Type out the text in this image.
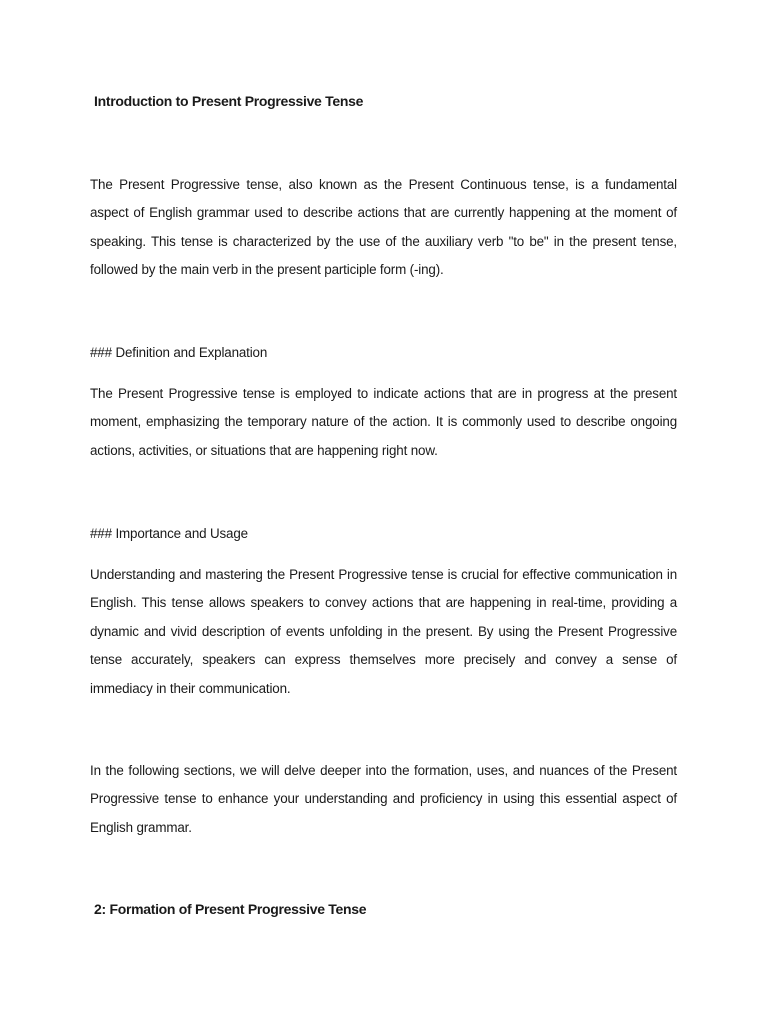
Introduction to Present Progressive Tense

The Present Progressive tense, also known as the Present Continuous tense, is a fundamental aspect of English grammar used to describe actions that are currently happening at the moment of speaking. This tense is characterized by the use of the auxiliary verb "to be" in the present tense, followed by the main verb in the present participle form (-ing).

### Definition and Explanation

The Present Progressive tense is employed to indicate actions that are in progress at the present moment, emphasizing the temporary nature of the action. It is commonly used to describe ongoing actions, activities, or situations that are happening right now.

### Importance and Usage

Understanding and mastering the Present Progressive tense is crucial for effective communication in English. This tense allows speakers to convey actions that are happening in real-time, providing a dynamic and vivid description of events unfolding in the present. By using the Present Progressive tense accurately, speakers can express themselves more precisely and convey a sense of immediacy in their communication.

In the following sections, we will delve deeper into the formation, uses, and nuances of the Present Progressive tense to enhance your understanding and proficiency in using this essential aspect of English grammar.

2: Formation of Present Progressive Tense
